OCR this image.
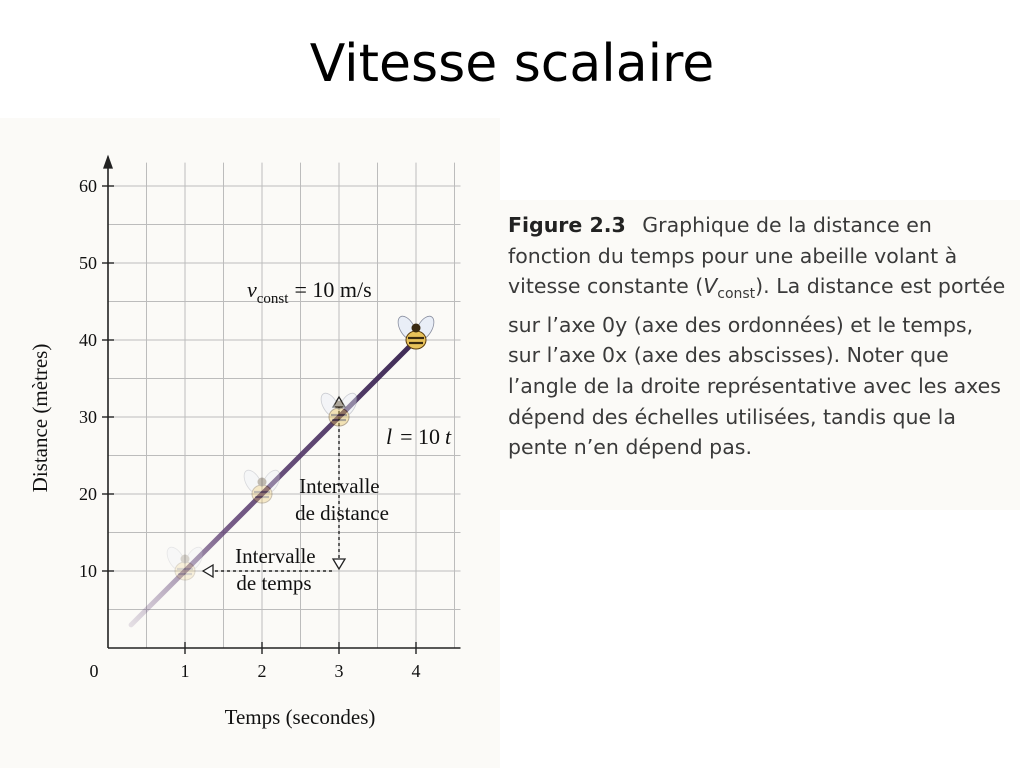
Vitesse scalaire
10
20
30
40
50
60
0	1	2	3	4
Distance (mètres)
Temps (secondes)
$v_{const} = 10$ m/s
l = 10 t
Intervalle de distance
Intervalle de temps
Figure 2.3 Graphique de la distance en fonction du temps pour une abeille volant à vitesse constante $(V_{const})$. La distance est portée sur l’axe 0y (axe des ordonnées) et le temps, sur l’axe 0x (axe des abscisses). Noter que l’angle de la droite représentative avec les axes dépend des échelles utilisées, tandis que la pente n’en dépend pas.
